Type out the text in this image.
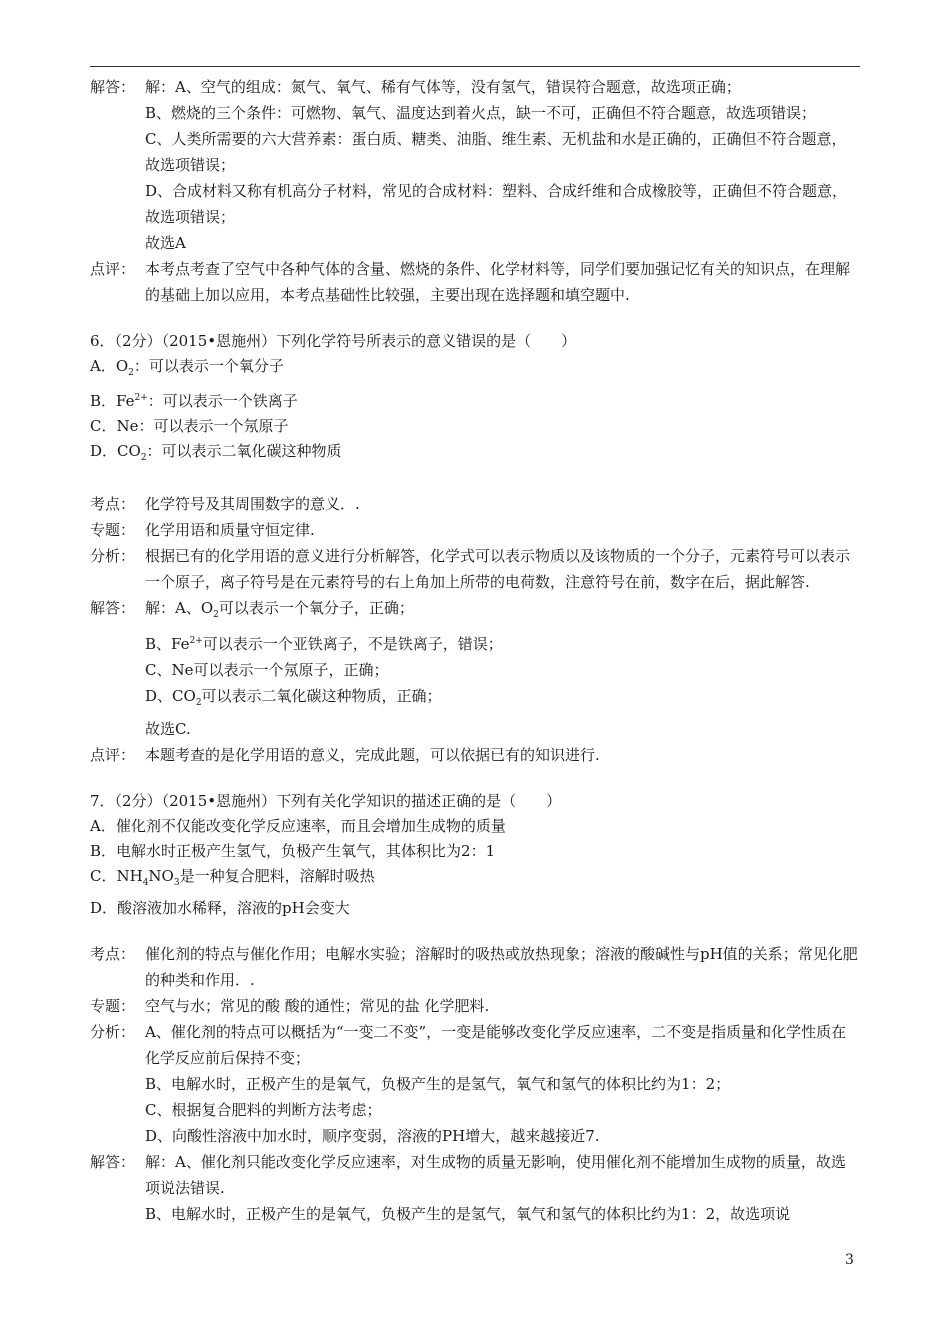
解答： 解：A、空气的组成：氮气、氧气、稀有气体等，没有氢气，错误符合题意，故选项正确；

B、燃烧的三个条件：可燃物、氧气、温度达到着火点，缺一不可，正确但不符合题意，故选项错误；

C、人类所需要的六大营养素：蛋白质、糖类、油脂、维生素、无机盐和水是正确的，正确但不符合题意，故选项错误；

D、合成材料又称有机高分子材料，常见的合成材料：塑料、合成纤维和合成橡胶等，正确但不符合题意，故选项错误；

故选A

点评： 本考点考查了空气中各种气体的含量、燃烧的条件、化学材料等，同学们要加强记忆有关的知识点，在理解的基础上加以应用，本考点基础性比较强，主要出现在选择题和填空题中.
6．（2分）（2015•恩施州）下列化学符号所表示的意义错误的是（　　）
A．$O_2$：可以表示一个氧分子
B．$Fe^{2+}$：可以表示一个铁离子
C．Ne：可以表示一个氖原子
D．$CO_2$：可以表示二氧化碳这种物质
考点： 化学符号及其周围数字的意义．.
专题： 化学用语和质量守恒定律.
分析： 根据已有的化学用语的意义进行分析解答，化学式可以表示物质以及该物质的一个分子，元素符号可以表示一个原子，离子符号是在元素符号的右上角加上所带的电荷数，注意符号在前，数字在后，据此解答.
解答： 解：A、$O_2$可以表示一个氧分子，正确；

B、$Fe^{2+}$可以表示一个亚铁离子，不是铁离子，错误；

C、Ne可以表示一个氖原子，正确；

D、$CO_2$可以表示二氧化碳这种物质，正确；

故选C.

点评： 本题考查的是化学用语的意义，完成此题，可以依据已有的知识进行.
7．（2分）（2015•恩施州）下列有关化学知识的描述正确的是（　　）
A．催化剂不仅能改变化学反应速率，而且会增加生成物的质量
B．电解水时正极产生氢气，负极产生氧气，其体积比为2：1
C．$NH_4NO_3$是一种复合肥料，溶解时吸热
D．酸溶液加水稀释，溶液的pH会变大
考点： 催化剂的特点与催化作用；电解水实验；溶解时的吸热或放热现象；溶液的酸碱性与pH值的关系；常见化肥的种类和作用．.
专题： 空气与水；常见的酸 酸的通性；常见的盐 化学肥料.
分析： A、催化剂的特点可以概括为“一变二不变”，一变是能够改变化学反应速率，二不变是指质量和化学性质在化学反应前后保持不变；

B、电解水时，正极产生的是氧气，负极产生的是氢气，氧气和氢气的体积比约为1：2；

C、根据复合肥料的判断方法考虑；

D、向酸性溶液中加水时，顺序变弱，溶液的PH增大，越来越接近7.

解答： 解：A、催化剂只能改变化学反应速率，对生成物的质量无影响，使用催化剂不能增加生成物的质量，故选项说法错误.

B、电解水时，正极产生的是氧气，负极产生的是氢气，氧气和氢气的体积比约为1：2，故选项说

3
